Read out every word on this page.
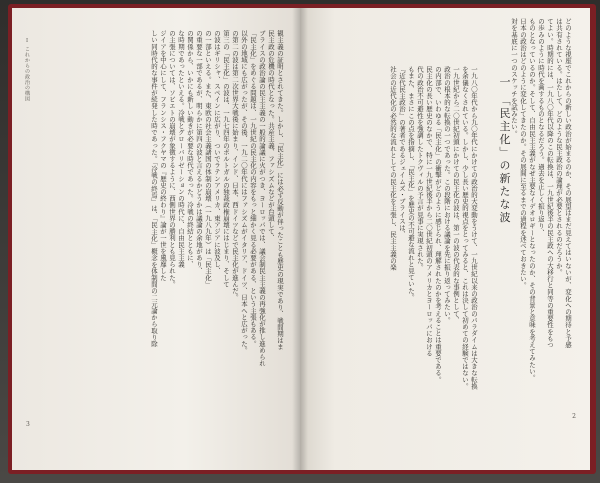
Ⅰ これからの政治の構図	観主義の証明とされてきた。しかし、「民主化」には必ず反動が伴ったことも歴史の現実であり、戦間期はま
民主政の危機の時代となった。共産主義、ファシズムなどが台頭して、
ブライスの政治論の民主主義の一般的論議に火がつき、ヨーロッパでは、議会制民主主義の再強化が推し進められ
「民主化」をめぐる問題は、一九世紀の民主化の内容をもっと細かく見る必要がある、という主張もある。
以外の地域にも広がったが、その後、一九二〇年代にはファシズムがイタリア、ドイツ、日本へと広がった。
の第二の波は第二次世界大戦後に始まり、インド、日本、西ドイツなどで民主化が進んだ。
第三の「民主化」の波は、一九七四年のポルトガルの独裁政権崩壊にはじまり、そして
の波はギリシャ、スペインに広がり、ついでラテンアメリカ、東アジアに波及し、
の一部といえる。また、東欧の社会主義諸国の体制の崩壊（一九八九年）は「民主化」
の重要な一部であるが、明らかに第四の波と言えるかどうかは議論の余地があり、
の関係から、いかにも新しい動きが必要な時代であった。冷戦の終結とともに、
な時期であったといえる。冷戦とグローバリゼーションの時代に、自由民主主義
の主張については、ソビエトの崩壊が象徴するように、西側世界の勝利とも見られた。
ジイアを中心にして、フランシス・フクヤマの『歴史の終わり』論が一世を風靡した
しい同時代的な事件が続発した時であった。「冷戦の終焉」は、「民主化」概念を体制間の二元論から取り除
3
どのような視座でこれからの新しい政治が始まるのか、その展望はまだ見えてはいないが、変化への期待と予感
は共有されている。はたして、どのような民主政治の論理が必要とされるのだろうか。
てよい。時期的には、一九八〇年代以降のこの転換は、一九世紀後半の民主政への大移行と同等の重要性をもつ
の歩みのように時代を画するものとなるだろう。過去を正しく振り返り、
ものとなっているのか。そして、自由民主主義がなぜ主要なイデオロギーとなったのか、その背景と意味を考えてみたい。
日本の政治はどのように変化してきたのか。その展開に至るまでの過程を述べておきたい。
対を基底に一つのスケッチを試みたい。
一 「民主化」の新たな波
一九八〇年代から九〇年代にかけての政治的大変動をうけて、一九世紀以来の政治のパラダイムは大きな転換
を余儀なくされている。しかし、少し長い歴史的視点をとってみると、これは決して初めての経験ではない。
一九世紀から二〇世紀初頭にかけての民主化の波は、第一の波の代表的な事例として、
政治の根本的な転換の一つであった。この段階における議論を先に振り返ってみたい。
の内部で、いわゆる「民主化」の衝撃がどのように感じられ、理解されたのかを考えることは重要である。
民主化の長い歴史のなかで、特に一九世紀後半から二〇世紀初頭のアメリカとヨーロッパにおける
代の政治不可避性を強調したトクヴィルの予言が見事に実現された。
もまた、まさにこの点を指摘し、「民主化」を歴史の不可避な流れと見ていた。
『近代民主政治』の著者であるジェイムズ・ブライスは、
社会の近代化の必然的な流れとしての民主化を主張し、民主主義の楽
2
